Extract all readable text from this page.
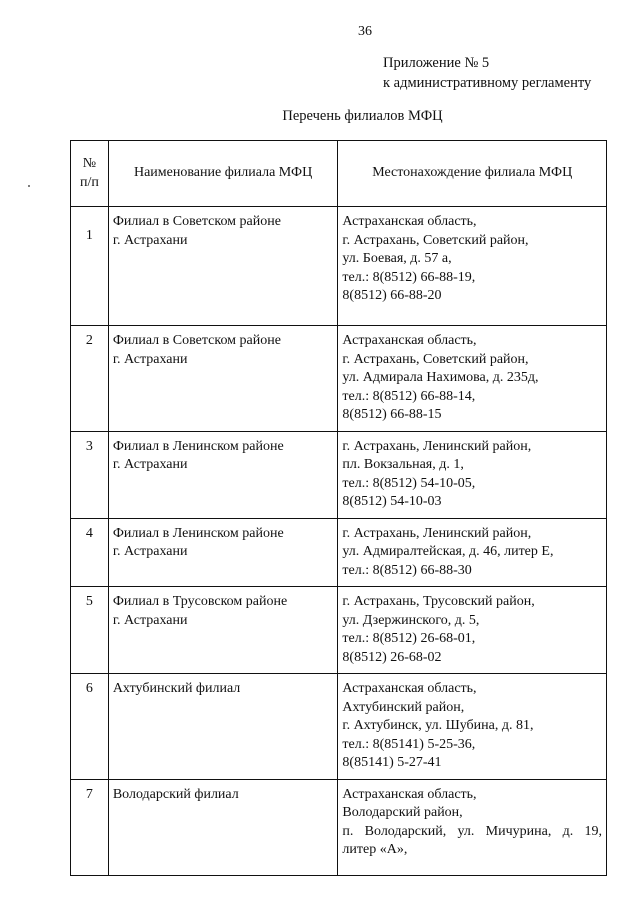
36
Приложение № 5
к административному регламенту
Перечень филиалов МФЦ
№
п/п	Наименование филиала МФЦ	Местонахождение филиала МФЦ
1	Филиал в Советском районе
г. Астрахани	Астраханская область,
г. Астрахань, Советский район,
ул. Боевая, д. 57 а,
тел.: 8(8512) 66-88-19,
8(8512) 66-88-20

2	Филиал в Советском районе
г. Астрахани	Астраханская область,
г. Астрахань, Советский район,
ул. Адмирала Нахимова, д. 235д,
тел.: 8(8512) 66-88-14,
8(8512) 66-88-15

3	Филиал в Ленинском районе
г. Астрахани	г. Астрахань, Ленинский район,
пл. Вокзальная, д. 1,
тел.: 8(8512) 54-10-05,
8(8512) 54-10-03

4	Филиал в Ленинском районе
г. Астрахани	г. Астрахань, Ленинский район,
ул. Адмиралтейская, д. 46, литер Е,
тел.: 8(8512) 66-88-30

5	Филиал в Трусовском районе
г. Астрахани	г. Астрахань, Трусовский район,
ул. Дзержинского, д. 5,
тел.: 8(8512) 26-68-01,
8(8512) 26-68-02

6	Ахтубинский филиал	Астраханская область,
Ахтубинский район,
г. Ахтубинск, ул. Шубина, д. 81,
тел.: 8(85141) 5-25-36,
8(85141) 5-27-41

7	Володарский филиал	Астраханская область,
Володарский район,
п. Володарский, ул. Мичурина, д. 19,
литер «А»,
